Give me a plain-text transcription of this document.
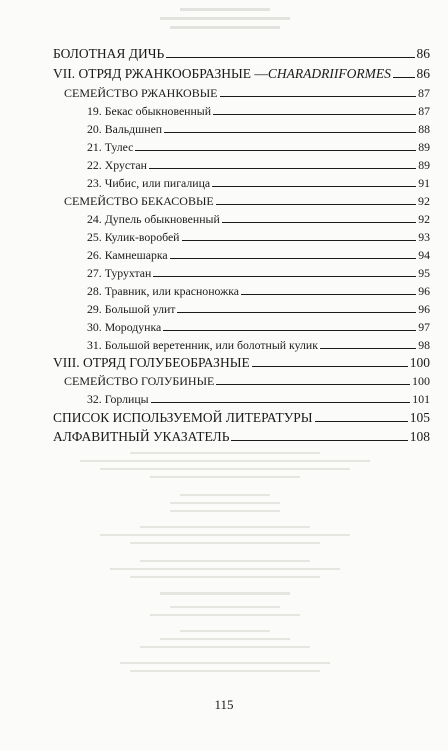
БОЛОТНАЯ ДИЧЬ	86
VII. ОТРЯД РЖАНКООБРАЗНЫЕ — CHARADRIIFORMES 86
СЕМЕЙСТВО РЖАНКОВЫЕ	87
19. Бекас обыкновенный	87
20. Вальдшнеп	88
21. Тулес	89
22. Хрустан	89
23. Чибис, или пигалица	91
СЕМЕЙСТВО БЕКАСОВЫЕ	92
24. Дупель обыкновенный	92
25. Кулик-воробей	93
26. Камнешарка	94
27. Турухтан	95
28. Травник, или красноножка	96
29. Большой улит	96
30. Мородунка	97
31. Большой веретенник, или болотный кулик	98
VIII. ОТРЯД ГОЛУБЕОБРАЗНЫЕ	100
СЕМЕЙСТВО ГОЛУБИНЫЕ	100
32. Горлицы	101
СПИСОК ИСПОЛЬЗУЕМОЙ ЛИТЕРАТУРЫ	105
АЛФАВИТНЫЙ УКАЗАТЕЛЬ	108
115
